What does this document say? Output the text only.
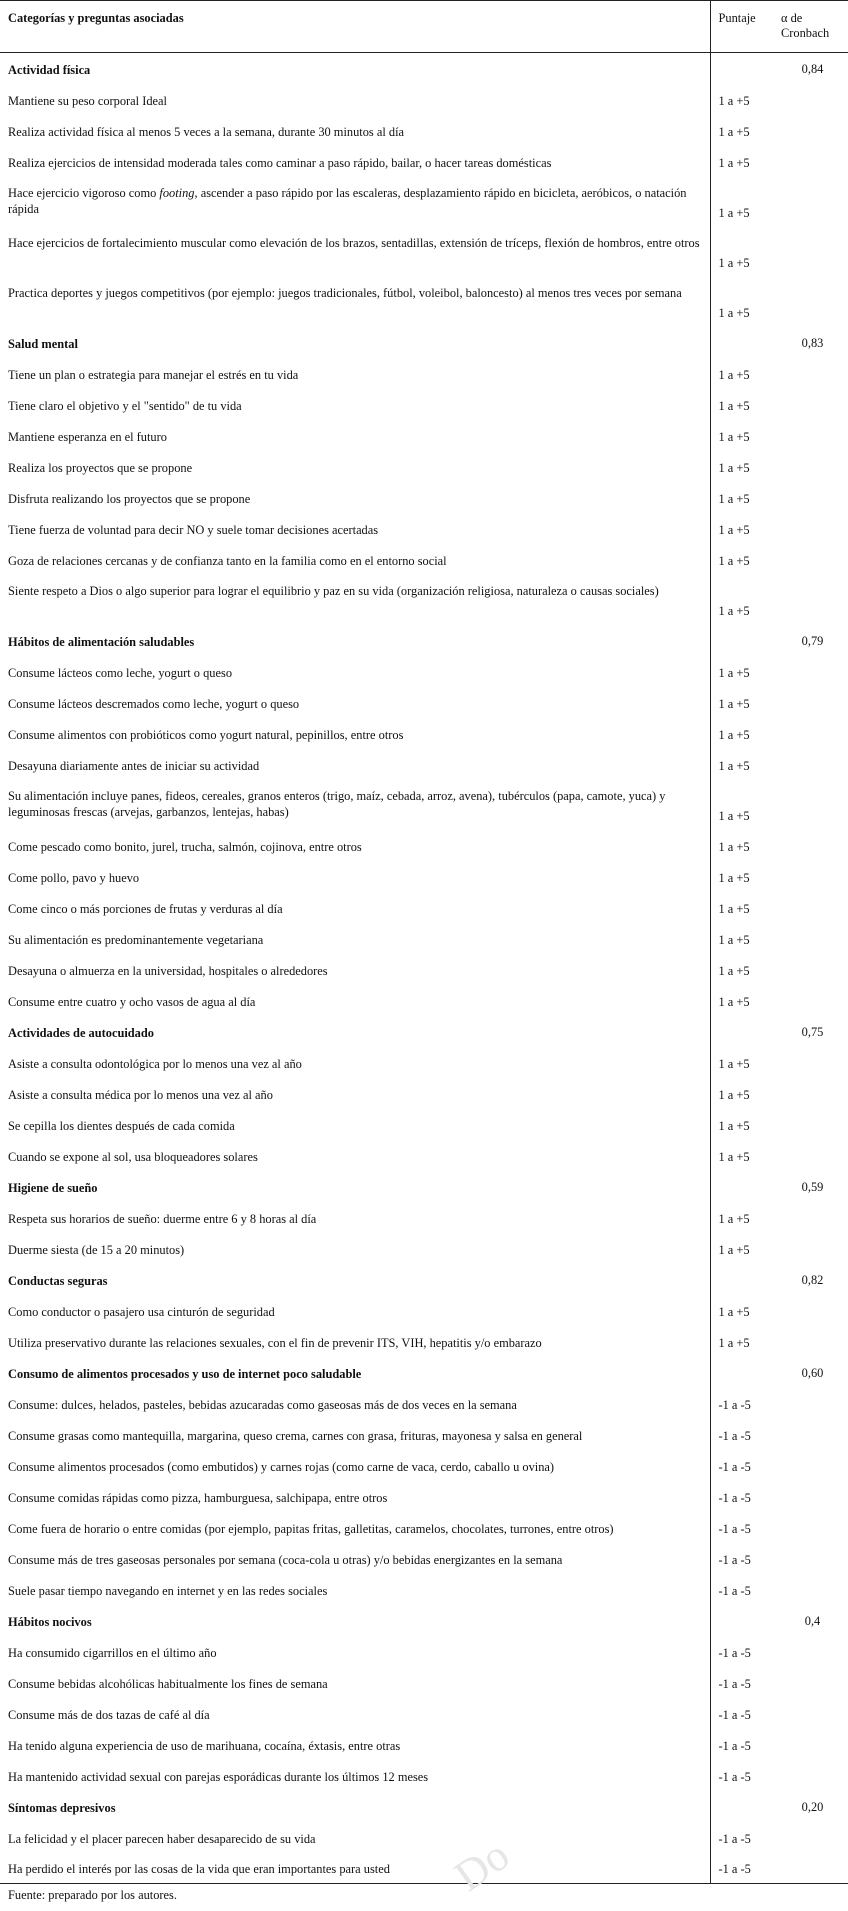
Categorías y preguntas asociadas	Puntaje	α de
Cronbach
Actividad física		0,84
Mantiene su peso corporal Ideal	1 a +5	
Realiza actividad física al menos 5 veces a la semana, durante 30 minutos al día	1 a +5	
Realiza ejercicios de intensidad moderada tales como caminar a paso rápido, bailar, o hacer tareas domésticas	1 a +5	
Hace ejercicio vigoroso como footing, ascender a paso rápido por las escaleras, desplazamiento rápido en bicicleta, aeróbicos, o natación rápida	1 a +5	
Hace ejercicios de fortalecimiento muscular como elevación de los brazos, sentadillas, extensión de tríceps, flexión de hombros, entre otros	1 a +5	
Practica deportes y juegos competitivos (por ejemplo: juegos tradicionales, fútbol, voleibol, baloncesto) al menos tres veces por semana	1 a +5	
Salud mental		0,83
Tiene un plan o estrategia para manejar el estrés en tu vida	1 a +5	
Tiene claro el objetivo y el "sentido" de tu vida	1 a +5	
Mantiene esperanza en el futuro	1 a +5	
Realiza los proyectos que se propone	1 a +5	
Disfruta realizando los proyectos que se propone	1 a +5	
Tiene fuerza de voluntad para decir NO y suele tomar decisiones acertadas	1 a +5	
Goza de relaciones cercanas y de confianza tanto en la familia como en el entorno social	1 a +5	
Siente respeto a Dios o algo superior para lograr el equilibrio y paz en su vida (organización religiosa, naturaleza o causas sociales)	1 a +5	
Hábitos de alimentación saludables		0,79
Consume lácteos como leche, yogurt o queso	1 a +5	
Consume lácteos descremados como leche, yogurt o queso	1 a +5	
Consume alimentos con probióticos como yogurt natural, pepinillos, entre otros	1 a +5	
Desayuna diariamente antes de iniciar su actividad	1 a +5	
Su alimentación incluye panes, fideos, cereales, granos enteros (trigo, maíz, cebada, arroz, avena), tubérculos (papa, camote, yuca) y leguminosas frescas (arvejas, garbanzos, lentejas, habas)	1 a +5	
Come pescado como bonito, jurel, trucha, salmón, cojinova, entre otros	1 a +5	
Come pollo, pavo y huevo	1 a +5	
Come cinco o más porciones de frutas y verduras al día	1 a +5	
Su alimentación es predominantemente vegetariana	1 a +5	
Desayuna o almuerza en la universidad, hospitales o alrededores	1 a +5	
Consume entre cuatro y ocho vasos de agua al día	1 a +5	
Actividades de autocuidado		0,75
Asiste a consulta odontológica por lo menos una vez al año	1 a +5	
Asiste a consulta médica por lo menos una vez al año	1 a +5	
Se cepilla los dientes después de cada comida	1 a +5	
Cuando se expone al sol, usa bloqueadores solares	1 a +5	
Higiene de sueño		0,59
Respeta sus horarios de sueño: duerme entre 6 y 8 horas al día	1 a +5	
Duerme siesta (de 15 a 20 minutos)	1 a +5	
Conductas seguras		0,82
Como conductor o pasajero usa cinturón de seguridad	1 a +5	
Utiliza preservativo durante las relaciones sexuales, con el fin de prevenir ITS, VIH, hepatitis y/o embarazo	1 a +5	
Consumo de alimentos procesados y uso de internet poco saludable		0,60
Consume: dulces, helados, pasteles, bebidas azucaradas como gaseosas más de dos veces en la semana	-1 a -5	
Consume grasas como mantequilla, margarina, queso crema, carnes con grasa, frituras, mayonesa y salsa en general	-1 a -5	
Consume alimentos procesados (como embutidos) y carnes rojas (como carne de vaca, cerdo, caballo u ovina)	-1 a -5	
Consume comidas rápidas como pizza, hamburguesa, salchipapa, entre otros	-1 a -5	
Come fuera de horario o entre comidas (por ejemplo, papitas fritas, galletitas, caramelos, chocolates, turrones, entre otros)	-1 a -5	
Consume más de tres gaseosas personales por semana (coca-cola u otras) y/o bebidas energizantes en la semana	-1 a -5	
Suele pasar tiempo navegando en internet y en las redes sociales	-1 a -5	
Hábitos nocivos		0,4
Ha consumido cigarrillos en el último año	-1 a -5	
Consume bebidas alcohólicas habitualmente los fines de semana	-1 a -5	
Consume más de dos tazas de café al día	-1 a -5	
Ha tenido alguna experiencia de uso de marihuana, cocaína, éxtasis, entre otras	-1 a -5	
Ha mantenido actividad sexual con parejas esporádicas durante los últimos 12 meses	-1 a -5	
Síntomas depresivos		0,20
La felicidad y el placer parecen haber desaparecido de su vida	-1 a -5	
Ha perdido el interés por las cosas de la vida que eran importantes para usted	-1 a -5	
Do
Fuente: preparado por los autores.
